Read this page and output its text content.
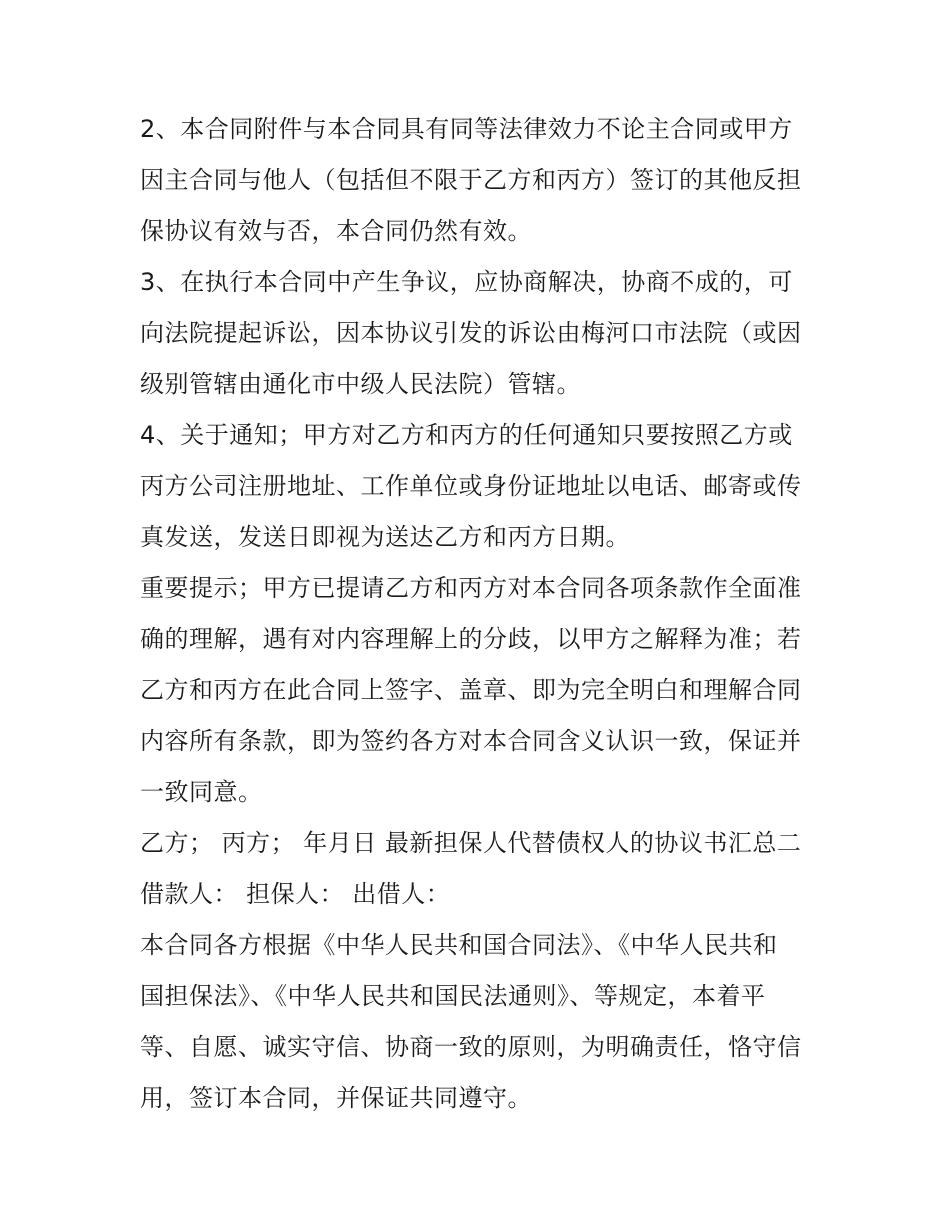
2、本合同附件与本合同具有同等法律效力不论主合同或甲方
因主合同与他人（包括但不限于乙方和丙方）签订的其他反担
保协议有效与否，本合同仍然有效。
3、在执行本合同中产生争议，应协商解决，协商不成的，可
向法院提起诉讼，因本协议引发的诉讼由梅河口市法院（或因
级别管辖由通化市中级人民法院）管辖。
4、关于通知；甲方对乙方和丙方的任何通知只要按照乙方或
丙方公司注册地址、工作单位或身份证地址以电话、邮寄或传
真发送，发送日即视为送达乙方和丙方日期。
重要提示；甲方已提请乙方和丙方对本合同各项条款作全面准
确的理解，遇有对内容理解上的分歧，以甲方之解释为准；若
乙方和丙方在此合同上签字、盖章、即为完全明白和理解合同
内容所有条款，即为签约各方对本合同含义认识一致，保证并
一致同意。
乙方； 丙方； 年月日 最新担保人代替债权人的协议书汇总二
借款人： 担保人： 出借人：
本合同各方根据《中华人民共和国合同法》、《中华人民共和
国担保法》、《中华人民共和国民法通则》、等规定，本着平
等、自愿、诚实守信、协商一致的原则，为明确责任，恪守信
用，签订本合同，并保证共同遵守。
